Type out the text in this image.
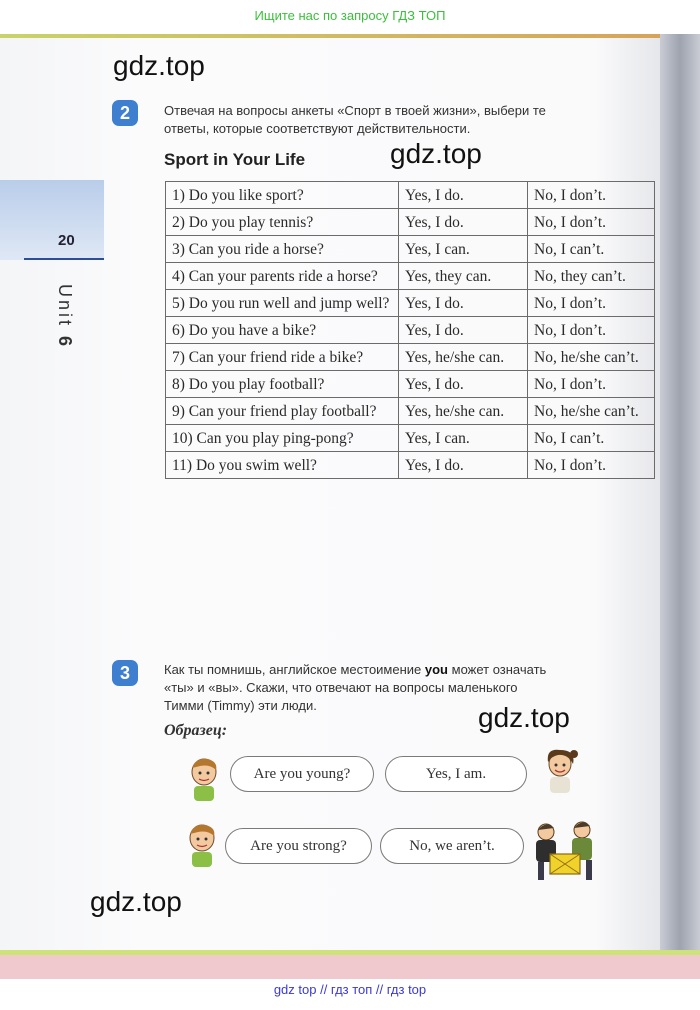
Ищите нас по запросу ГДЗ ТОП
20
Unit 6
gdz.top
gdz.top
gdz.top
gdz.top
2	Отвечая на вопросы анкеты «Спорт в твоей жизни», выбери те
ответы, которые соответствуют действительности.
Sport in Your Life
1) Do you like sport?	Yes, I do.	No, I don’t.
2) Do you play tennis?	Yes, I do.	No, I don’t.
3) Can you ride a horse?	Yes, I can.	No, I can’t.
4) Can your parents ride a horse?	Yes, they can.	No, they can’t.
5) Do you run well and jump well?	Yes, I do.	No, I don’t.
6) Do you have a bike?	Yes, I do.	No, I don’t.
7) Can your friend ride a bike?	Yes, he/she can.	No, he/she can’t.
8) Do you play football?	Yes, I do.	No, I don’t.
9) Can your friend play football?	Yes, he/she can.	No, he/she can’t.
10) Can you play ping-pong?	Yes, I can.	No, I can’t.
11) Do you swim well?	Yes, I do.	No, I don’t.
3	Как ты помнишь, английское местоимение you может означать
«ты» и «вы». Скажи, что отвечают на вопросы маленького
Тимми (Timmy) эти люди.
Образец:
Are you young?	Yes, I am.
Are you strong?	No, we aren’t.
gdz top // гдз топ // гдз top
